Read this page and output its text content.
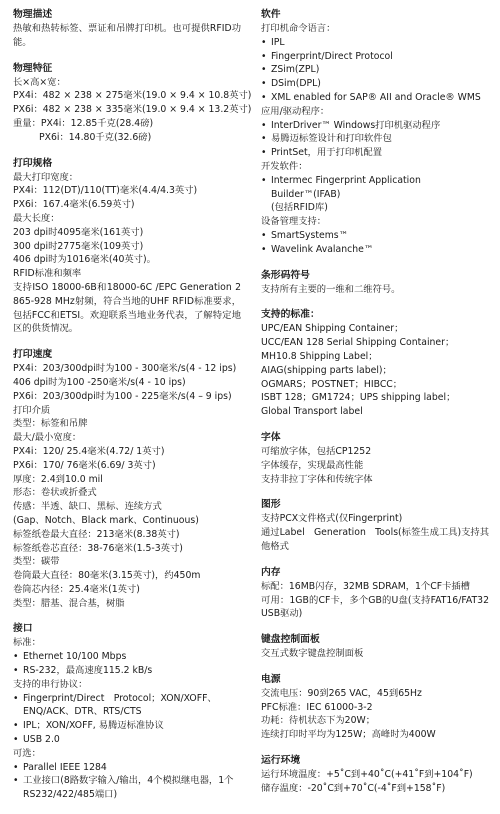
物理描述
热敏和热转标签、票证和吊牌打印机。也可提供RFID功能。
物理特征
长×高×宽：
PX4i：482 × 238 × 275毫米(19.0 × 9.4 × 10.8英寸)
PX6i：482 × 238 × 335毫米(19.0 × 9.4 × 13.2英寸)
重量：PX4i：12.85千克(28.4磅)
PX6i：14.80千克(32.6磅)
打印规格
最大打印宽度：
PX4i：112(DT)/110(TT)毫米(4.4/4.3英寸)
PX6i：167.4毫米(6.59英寸)
最大长度：
203 dpi时4095毫米(161英寸)
300 dpi时2775毫米(109英寸)
406 dpi时为1016毫米(40英寸)。
RFID标准和频率
支持ISO 18000-6B和18000-6C /EPC Generation 2 865-928 MHz射频，符合当地的UHF RFID标准要求，包括FCC和ETSI。欢迎联系当地业务代表，了解特定地区的供货情况。
打印速度
PX4i：203/300dpi时为100 - 300毫米/s(4 - 12 ips)
406 dpi时为100 -250毫米/s(4 - 10 ips)
PX6i：203/300dpi时为100 - 225毫米/s(4 – 9 ips)
打印介质
类型：标签和吊牌
最大/最小宽度：
PX4i：120/ 25.4毫米(4.72/ 1英寸)
PX6i：170/ 76毫米(6.69/ 3英寸)
厚度：2.4到10.0 mil
形态：卷状或折叠式
传感：半透、缺口、黑标、连续方式
(Gap、Notch、Black mark、Continuous)
标签纸卷最大直径：213毫米(8.38英寸)
标签纸卷芯直径：38-76毫米(1.5-3英寸)
类型：碳带
卷筒最大直径：80毫米(3.15英寸)，约450m
卷筒芯内径：25.4毫米(1英寸)
类型：腊基、混合基，树脂
接口
标准：
• Ethernet 10/100 Mbps
• RS-232，最高速度115.2 kB/s
支持的串行协议：
• Fingerprint/Direct　Protocol；XON/XOFF、ENQ/ACK、DTR、RTS/CTS
• IPL；XON/XOFF, 易腾迈标准协议
• USB 2.0
可选：
• Parallel IEEE 1284
• 工业接口(8路数字输入/输出，4个模拟继电器，1个RS232/422/485端口)
软件
打印机命令语言：
• IPL
• Fingerprint/Direct Protocol
• ZSim(ZPL)
• DSim(DPL)
• XML enabled for SAP® AII and Oracle® WMS
应用/驱动程序：
• InterDriver™ Windows打印机驱动程序
• 易腾迈标签设计和打印软件包
• PrintSet，用于打印机配置
开发软件：
• Intermec Fingerprint Application Builder™(IFAB)
(包括RFID库)
设备管理支持：
• SmartSystems™
• Wavelink Avalanche™
条形码符号
支持所有主要的一维和二维符号。
支持的标准：
UPC/EAN Shipping Container；
UCC/EAN 128 Serial Shipping Container；
MH10.8 Shipping Label；
AIAG(shipping parts label)；
OGMARS；POSTNET；HIBCC；
ISBT 128；GM1724；UPS shipping label；
Global Transport label
字体
可缩放字体，包括CP1252
字体缓存，实现最高性能
支持非拉丁字体和传统字体
图形
支持PCX文件格式(仅Fingerprint)
通过Label　Generation　Tools(标签生成工具)支持其他格式
内存
标配：16MB闪存，32MB SDRAM，1个CF卡插槽
可用：1GB的CF卡，多个GB的U盘(支持FAT16/FAT32 USB驱动)
键盘控制面板
交互式数字键盘控制面板
电源
交流电压：90到265 VAC，45到65Hz
PFC标准：IEC 61000-3-2
功耗：待机状态下为20W；
连续打印时平均为125W；高峰时为400W
运行环境
运行环境温度：+5˚C到+40˚C(+41˚F到+104˚F)
储存温度：-20˚C到+70˚C(-4˚F到+158˚F)
